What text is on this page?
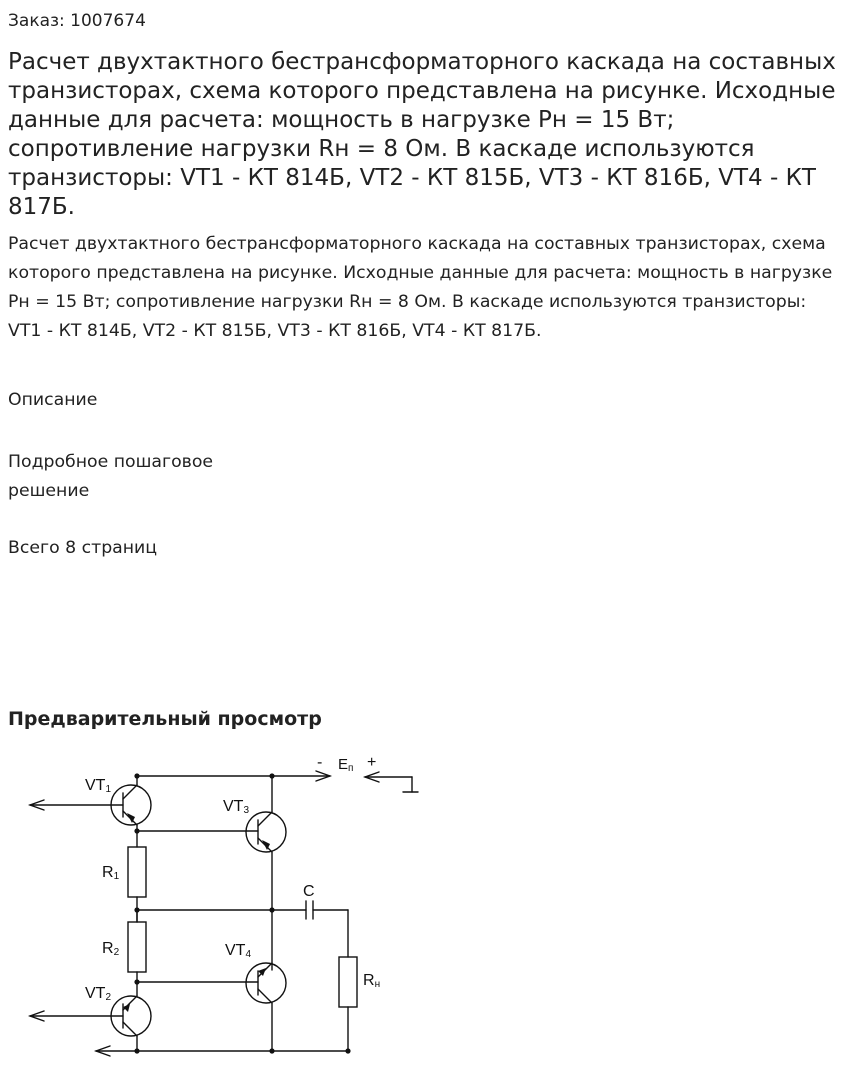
Заказ: 1007674
Расчет двухтактного бестрансформаторного каскада на составных транзисторах, схема которого представлена на рисунке. Исходные данные для расчета: мощность в нагрузке Рн = 15 Вт; сопротивление нагрузки Rн = 8 Ом. В каскаде используются транзисторы: VT1 - КТ 814Б, VT2 - КТ 815Б, VT3 - КТ 816Б, VT4 - КТ 817Б.

Расчет двухтактного бестрансформаторного каскада на составных транзисторах, схема которого представлена на рисунке. Исходные данные для расчета: мощность в нагрузке Рн = 15 Вт; сопротивление нагрузки Rн = 8 Ом. В каскаде используются транзисторы: VT1 - КТ 814Б, VT2 - КТ 815Б, VT3 - КТ 816Б, VT4 - КТ 817Б.

Описание
Подробное пошаговое
решение
Всего 8 страниц
Предварительный просмотр
VT1
VT3
R1
R2	VT4
VT2
C
Rн
- Eп +
